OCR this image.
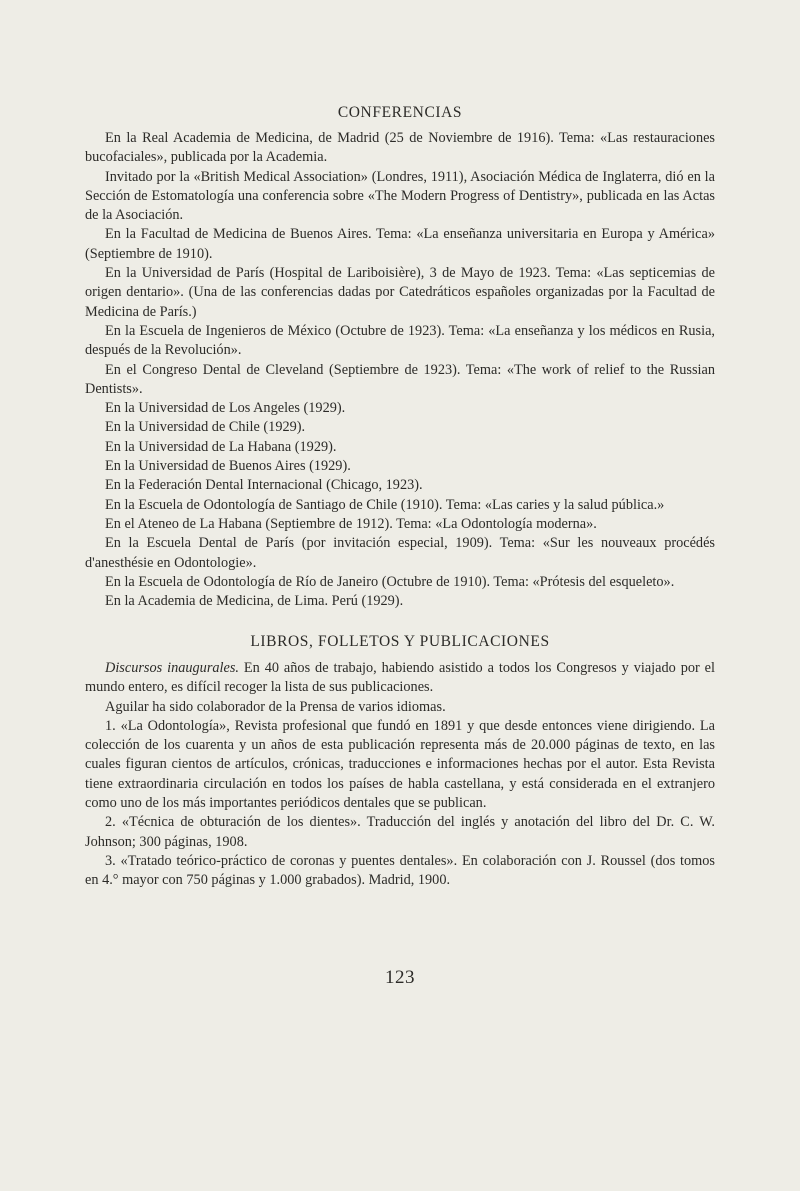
CONFERENCIAS

En la Real Academia de Medicina, de Madrid (25 de Noviembre de 1916). Tema: «Las restauraciones bucofaciales», publicada por la Academia.

Invitado por la «British Medical Association» (Londres, 1911), Asociación Médica de Inglaterra, dió en la Sección de Estomatología una conferencia sobre «The Modern Progress of Dentistry», publicada en las Actas de la Asociación.

En la Facultad de Medicina de Buenos Aires. Tema: «La enseñanza universitaria en Europa y América» (Septiembre de 1910).

En la Universidad de París (Hospital de Lariboisière), 3 de Mayo de 1923. Tema: «Las septicemias de origen dentario». (Una de las conferencias dadas por Catedráticos españoles organizadas por la Facultad de Medicina de París.)

En la Escuela de Ingenieros de México (Octubre de 1923). Tema: «La enseñanza y los médicos en Rusia, después de la Revolución».

En el Congreso Dental de Cleveland (Septiembre de 1923). Tema: «The work of relief to the Russian Dentists».

En la Universidad de Los Angeles (1929).

En la Universidad de Chile (1929).

En la Universidad de La Habana (1929).

En la Universidad de Buenos Aires (1929).

En la Federación Dental Internacional (Chicago, 1923).

En la Escuela de Odontología de Santiago de Chile (1910). Tema: «Las caries y la salud pública.»

En el Ateneo de La Habana (Septiembre de 1912). Tema: «La Odontología moderna».

En la Escuela Dental de París (por invitación especial, 1909). Tema: «Sur les nouveaux procédés d'anesthésie en Odontologie».

En la Escuela de Odontología de Río de Janeiro (Octubre de 1910). Tema: «Prótesis del esqueleto».

En la Academia de Medicina, de Lima. Perú (1929).

LIBROS, FOLLETOS Y PUBLICACIONES

Discursos inaugurales. En 40 años de trabajo, habiendo asistido a todos los Congresos y viajado por el mundo entero, es difícil recoger la lista de sus publicaciones.

Aguilar ha sido colaborador de la Prensa de varios idiomas.

1. «La Odontología», Revista profesional que fundó en 1891 y que desde entonces viene dirigiendo. La colección de los cuarenta y un años de esta publicación representa más de 20.000 páginas de texto, en las cuales figuran cientos de artículos, crónicas, traducciones e informaciones hechas por el autor. Esta Revista tiene extraordinaria circulación en todos los países de habla castellana, y está considerada en el extranjero como uno de los más importantes periódicos dentales que se publican.

2. «Técnica de obturación de los dientes». Traducción del inglés y anotación del libro del Dr. C. W. Johnson; 300 páginas, 1908.

3. «Tratado teórico-práctico de coronas y puentes dentales». En colaboración con J. Roussel (dos tomos en 4.° mayor con 750 páginas y 1.000 grabados). Madrid, 1900.

123
